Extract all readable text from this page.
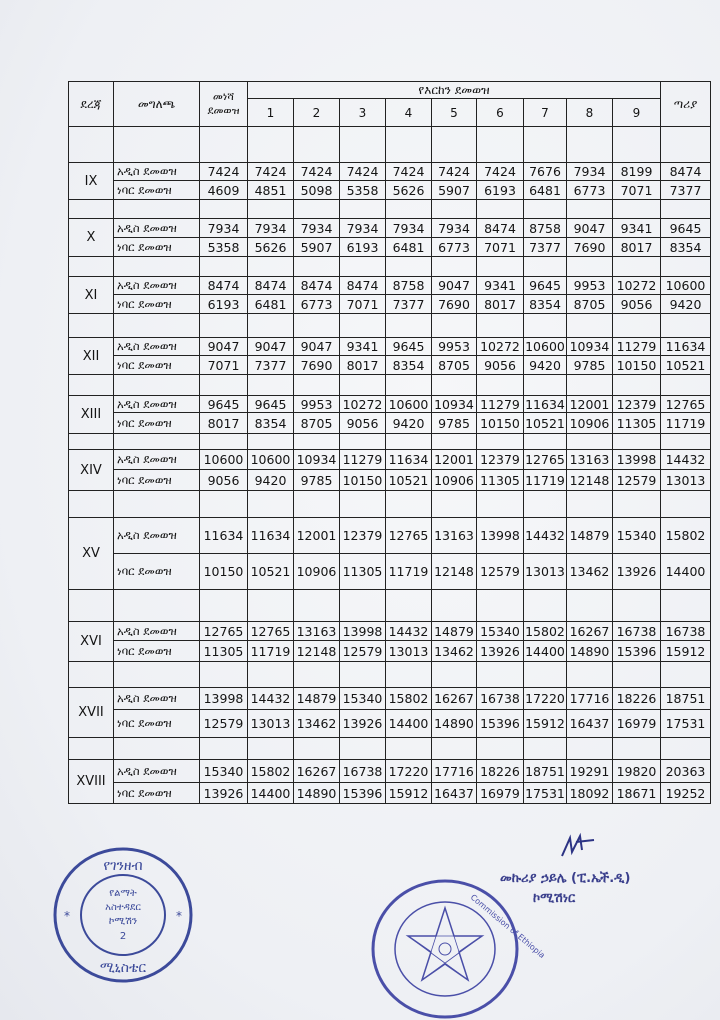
ደረጃ	መግለጫ	መነሻ
ደመወዝ	የእርከን ደመወዝ									ጣሪያ
			1	2	3	4	5	6	7	8	9	

IX	አዲስ ደመወዝ	7424	7424	7424	7424	7424	7424	7424	7676	7934	8199	8474
	ነባር ደመወዝ	4609	4851	5098	5358	5626	5907	6193	6481	6773	7071	7377

X	አዲስ ደመወዝ	7934	7934	7934	7934	7934	7934	8474	8758	9047	9341	9645
	ነባር ደመወዝ	5358	5626	5907	6193	6481	6773	7071	7377	7690	8017	8354

XI	አዲስ ደመወዝ	8474	8474	8474	8474	8758	9047	9341	9645	9953	10272	10600
	ነባር ደመወዝ	6193	6481	6773	7071	7377	7690	8017	8354	8705	9056	9420

XII	አዲስ ደመወዝ	9047	9047	9047	9341	9645	9953	10272	10600	10934	11279	11634
	ነባር ደመወዝ	7071	7377	7690	8017	8354	8705	9056	9420	9785	10150	10521

XIII	አዲስ ደመወዝ	9645	9645	9953	10272	10600	10934	11279	11634	12001	12379	12765
	ነባር ደመወዝ	8017	8354	8705	9056	9420	9785	10150	10521	10906	11305	11719

XIV	አዲስ ደመወዝ	10600	10600	10934	11279	11634	12001	12379	12765	13163	13998	14432
	ነባር ደመወዝ	9056	9420	9785	10150	10521	10906	11305	11719	12148	12579	13013

XV	አዲስ ደመወዝ	11634	11634	12001	12379	12765	13163	13998	14432	14879	15340	15802
	ነባር ደመወዝ	10150	10521	10906	11305	11719	12148	12579	13013	13462	13926	14400

XVI	አዲስ ደመወዝ	12765	12765	13163	13998	14432	14879	15340	15802	16267	16738	16738
	ነባር ደመወዝ	11305	11719	12148	12579	13013	13462	13926	14400	14890	15396	15912

XVII	አዲስ ደመወዝ	13998	14432	14879	15340	15802	16267	16738	17220	17716	18226	18751
	ነባር ደመወዝ	12579	13013	13462	13926	14400	14890	15396	15912	16437	16979	17531

XVIII	አዲስ ደመወዝ	15340	15802	16267	16738	17220	17716	18226	18751	19291	19820	20363
	ነባር ደመወዝ	13926	14400	14890	15396	15912	16437	16979	17531	18092	18671	19252
መኩሪያ ኃይሌ (ፒ.ኤች.ዲ)
ኮሚሽነር
የገንዘብ
የልማት
አስተዳደር
ኮሚሽን
2
ሚኒስቴር
*	*	Commission of Ethiopia
